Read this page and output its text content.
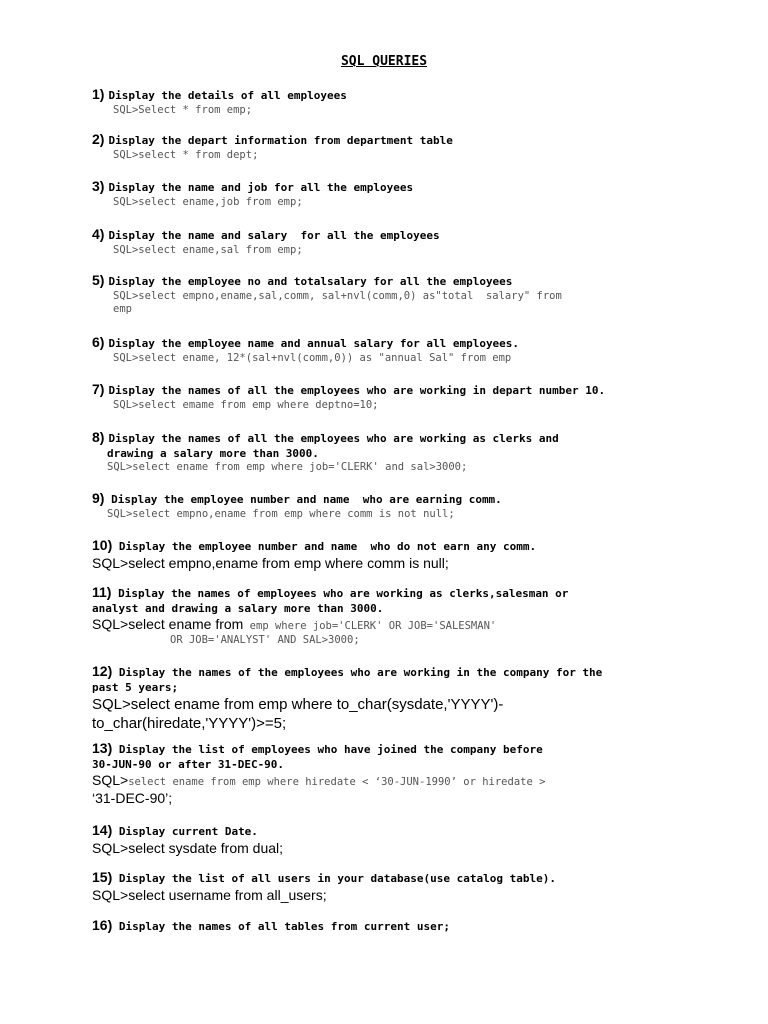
SQL QUERIES
1) Display the details of all employees
SQL>Select * from emp;
2) Display the depart information from department table
SQL>select * from dept;
3) Display the name and job for all the employees
SQL>select ename,job from emp;
4) Display the name and salary  for all the employees
SQL>select ename,sal from emp;
5) Display the employee no and totalsalary for all the employees
SQL>select empno,ename,sal,comm, sal+nvl(comm,0) as"total  salary" from
emp
6) Display the employee name and annual salary for all employees.
SQL>select ename, 12*(sal+nvl(comm,0)) as "annual Sal" from emp
7) Display the names of all the employees who are working in depart number 10.
SQL>select emame from emp where deptno=10;
8) Display the names of all the employees who are working as clerks and
drawing a salary more than 3000.
SQL>select ename from emp where job='CLERK' and sal>3000;
9) Display the employee number and name  who are earning comm.
SQL>select empno,ename from emp where comm is not null;
10) Display the employee number and name  who do not earn any comm.
SQL>select empno,ename from emp where comm is null;
11) Display the names of employees who are working as clerks,salesman or
analyst and drawing a salary more than 3000.
SQL>select ename from emp where job='CLERK' OR JOB='SALESMAN'
OR JOB='ANALYST' AND SAL>3000;
12) Display the names of the employees who are working in the company for the
past 5 years;
SQL>select ename from emp where to_char(sysdate,'YYYY')-
to_char(hiredate,'YYYY')>=5;
13) Display the list of employees who have joined the company before
30-JUN-90 or after 31-DEC-90.
SQL>select ename from emp where hiredate < ‘30-JUN-1990’ or hiredate >
‘31-DEC-90’;
14) Display current Date.
SQL>select sysdate from dual;
15) Display the list of all users in your database(use catalog table).
SQL>select username from all_users;
16) Display the names of all tables from current user;
